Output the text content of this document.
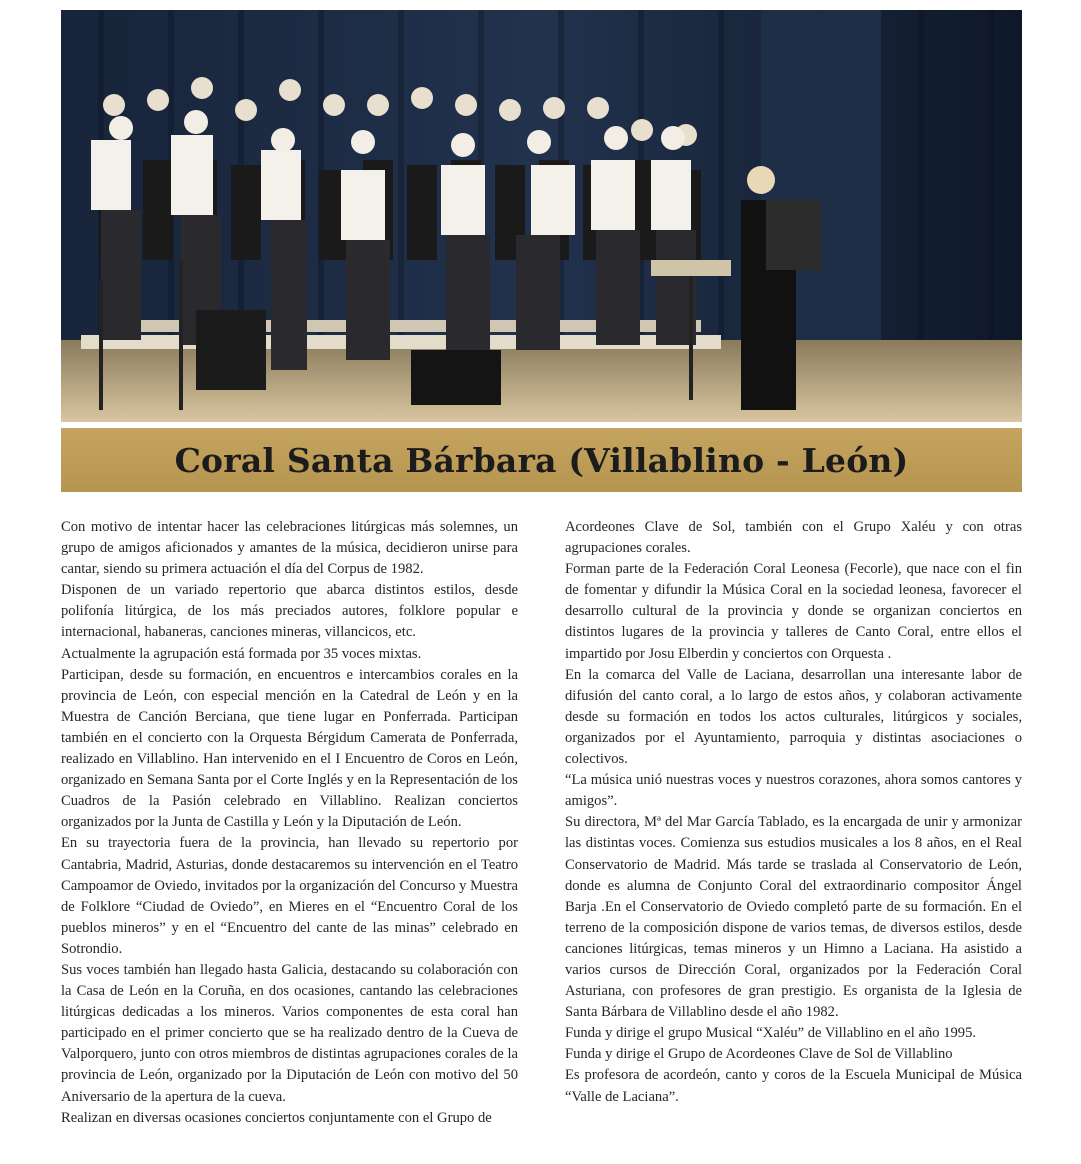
Coral Santa Bárbara (Villablino - León)

Con motivo de intentar hacer las celebraciones litúrgicas más solemnes, un grupo de amigos aficionados y amantes de la música, decidieron unirse para cantar, siendo su primera actuación el día del Corpus de 1982.

Disponen de un variado repertorio que abarca distintos estilos, desde polifonía litúrgica, de los más preciados autores, folklore popular e internacional, habaneras, canciones mineras, villancicos, etc.

Actualmente la agrupación está formada por 35 voces mixtas.

Participan, desde su formación, en encuentros e intercambios corales en la provincia de León, con especial mención en la Catedral de León y en la Muestra de Canción Berciana, que tiene lugar en Ponferrada. Participan también en el concierto con la Orquesta Bérgidum Camerata de Ponferrada, realizado en Villablino. Han intervenido en el I Encuentro de Coros en León, organizado en Semana Santa por el Corte Inglés y en la Representación de los Cuadros de la Pasión celebrado en Villablino. Realizan conciertos organizados por la Junta de Castilla y León y la Diputación de León.

En su trayectoria fuera de la provincia, han llevado su repertorio por Cantabria, Madrid, Asturias, donde destacaremos su intervención en el Teatro Campoamor de Oviedo, invitados por la organización del Concurso y Muestra de Folklore “Ciudad de Oviedo”, en Mieres en el “Encuentro Coral de los pueblos mineros” y en el “Encuentro del cante de las minas” celebrado en Sotrondio.

Sus voces también han llegado hasta Galicia, destacando su colaboración con la Casa de León en la Coruña, en dos ocasiones, cantando las celebraciones litúrgicas dedicadas a los mineros. Varios componentes de esta coral han participado en el primer concierto que se ha realizado dentro de la Cueva de Valporquero, junto con otros miembros de distintas agrupaciones corales de la provincia de León, organizado por la Diputación de León con motivo del 50 Aniversario de la apertura de la cueva.

Realizan en diversas ocasiones conciertos conjuntamente con el Grupo de

Acordeones Clave de Sol, también con el Grupo Xaléu y con otras agrupaciones corales.

Forman parte de la Federación Coral Leonesa (Fecorle), que nace con el fin de fomentar y difundir la Música Coral en la sociedad leonesa, favorecer el desarrollo cultural de la provincia y donde se organizan conciertos en distintos lugares de la provincia y talleres de Canto Coral, entre ellos el impartido por Josu Elberdin y conciertos con Orquesta .

En la comarca del Valle de Laciana, desarrollan una interesante labor de difusión del canto coral, a lo largo de estos años, y colaboran activamente desde su formación en todos los actos culturales, litúrgicos y sociales, organizados por el Ayuntamiento, parroquia y distintas asociaciones o colectivos.

“La música unió nuestras voces y nuestros corazones, ahora somos cantores y amigos”.

Su directora, Mª del Mar García Tablado, es la encargada de unir y armonizar las distintas voces. Comienza sus estudios musicales a los 8 años, en el Real Conservatorio de Madrid. Más tarde se traslada al Conservatorio de León, donde es alumna de Conjunto Coral del extraordinario compositor Ángel Barja .En el Conservatorio de Oviedo completó parte de su formación. En el terreno de la composición dispone de varios temas, de diversos estilos, desde canciones litúrgicas, temas mineros y un Himno a Laciana. Ha asistido a varios cursos de Dirección Coral, organizados por la Federación Coral Asturiana, con profesores de gran prestigio. Es organista de la Iglesia de Santa Bárbara de Villablino desde el año 1982.

Funda y dirige el grupo Musical “Xaléu” de Villablino en el año 1995.

Funda y dirige el Grupo de Acordeones Clave de Sol de Villablino

Es profesora de acordeón, canto y coros de la Escuela Municipal de Música “Valle de Laciana”.
